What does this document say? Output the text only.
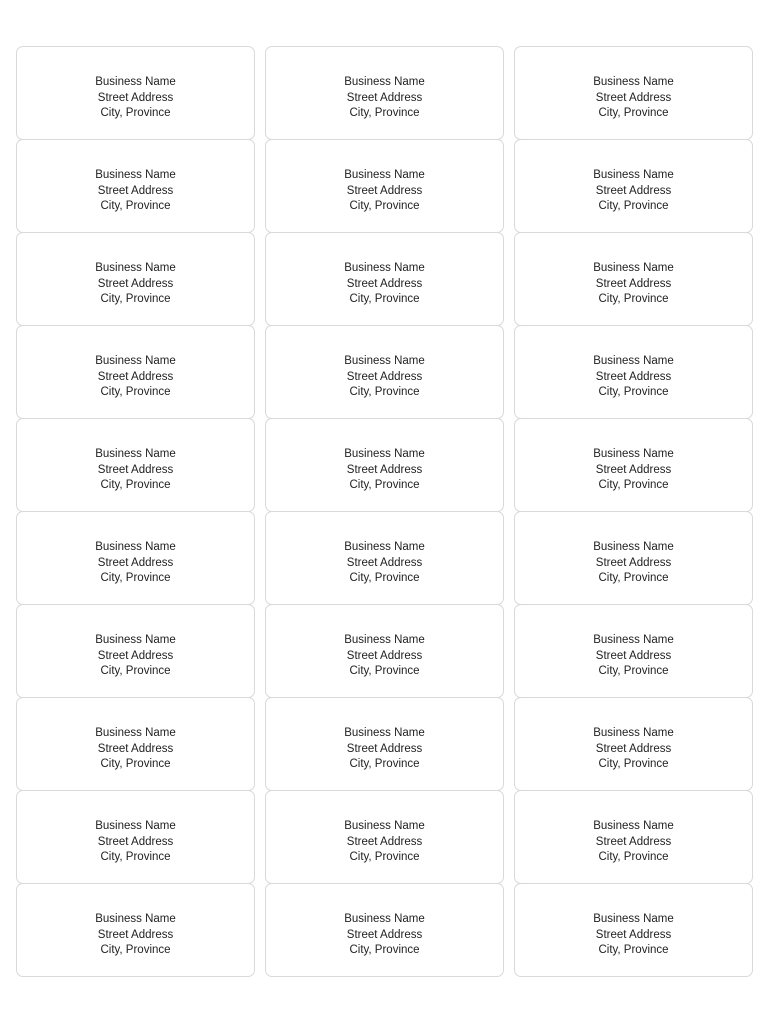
Business Name
Street Address
City, Province
Business Name
Street Address
City, Province
Business Name
Street Address
City, Province
Business Name
Street Address
City, Province
Business Name
Street Address
City, Province
Business Name
Street Address
City, Province
Business Name
Street Address
City, Province
Business Name
Street Address
City, Province
Business Name
Street Address
City, Province
Business Name
Street Address
City, Province
Business Name
Street Address
City, Province
Business Name
Street Address
City, Province
Business Name
Street Address
City, Province
Business Name
Street Address
City, Province
Business Name
Street Address
City, Province
Business Name
Street Address
City, Province
Business Name
Street Address
City, Province
Business Name
Street Address
City, Province
Business Name
Street Address
City, Province
Business Name
Street Address
City, Province
Business Name
Street Address
City, Province
Business Name
Street Address
City, Province
Business Name
Street Address
City, Province
Business Name
Street Address
City, Province
Business Name
Street Address
City, Province
Business Name
Street Address
City, Province
Business Name
Street Address
City, Province
Business Name
Street Address
City, Province
Business Name
Street Address
City, Province
Business Name
Street Address
City, Province
